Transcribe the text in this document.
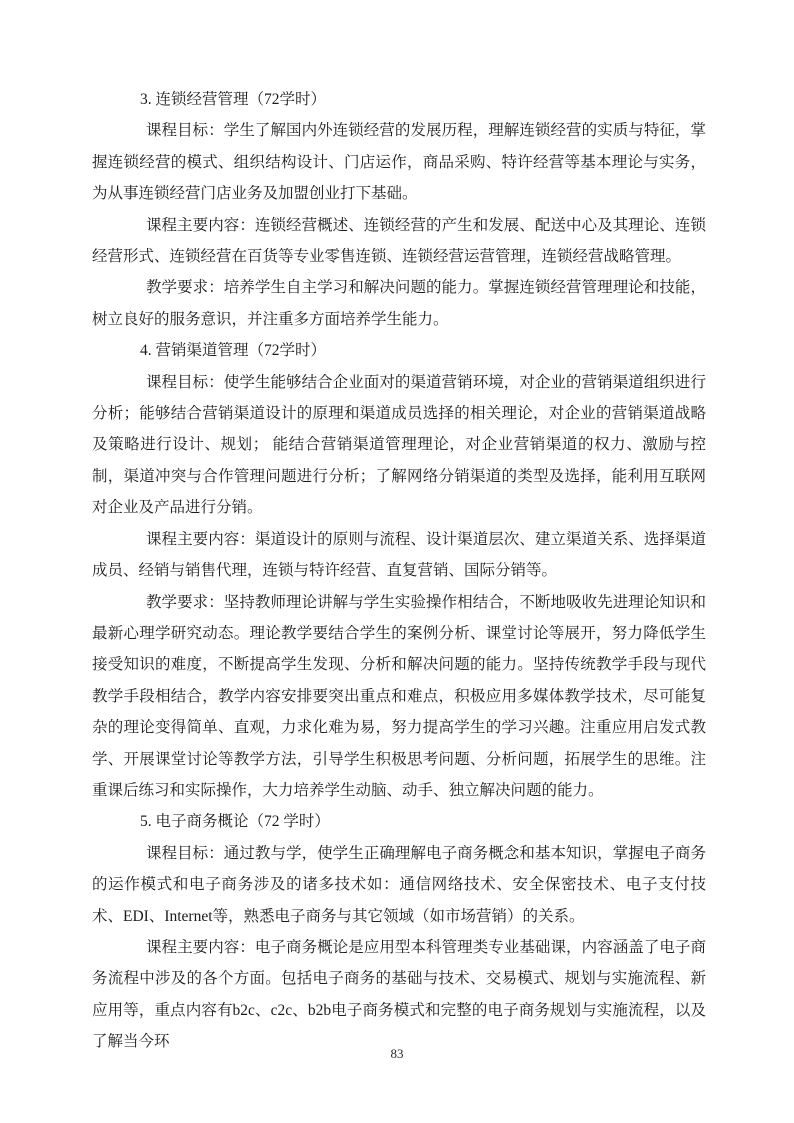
3. 连锁经营管理（72学时）

课程目标：学生了解国内外连锁经营的发展历程，理解连锁经营的实质与特征，掌握连锁经营的模式、组织结构设计、门店运作，商品采购、特许经营等基本理论与实务，为从事连锁经营门店业务及加盟创业打下基础。

课程主要内容：连锁经营概述、连锁经营的产生和发展、配送中心及其理论、连锁经营形式、连锁经营在百货等专业零售连锁、连锁经营运营管理，连锁经营战略管理。

教学要求：培养学生自主学习和解决问题的能力。掌握连锁经营管理理论和技能，树立良好的服务意识，并注重多方面培养学生能力。

4. 营销渠道管理（72学时）

课程目标：使学生能够结合企业面对的渠道营销环境，对企业的营销渠道组织进行分析；能够结合营销渠道设计的原理和渠道成员选择的相关理论，对企业的营销渠道战略及策略进行设计、规划； 能结合营销渠道管理理论，对企业营销渠道的权力、激励与控制，渠道冲突与合作管理问题进行分析；了解网络分销渠道的类型及选择，能利用互联网对企业及产品进行分销。

课程主要内容：渠道设计的原则与流程、设计渠道层次、建立渠道关系、选择渠道成员、经销与销售代理，连锁与特许经营、直复营销、国际分销等。

教学要求：坚持教师理论讲解与学生实验操作相结合，不断地吸收先进理论知识和最新心理学研究动态。理论教学要结合学生的案例分析、课堂讨论等展开，努力降低学生接受知识的难度，不断提高学生发现、分析和解决问题的能力。坚持传统教学手段与现代教学手段相结合，教学内容安排要突出重点和难点，积极应用多媒体教学技术，尽可能复杂的理论变得简单、直观，力求化难为易，努力提高学生的学习兴趣。注重应用启发式教学、开展课堂讨论等教学方法，引导学生积极思考问题、分析问题，拓展学生的思维。注重课后练习和实际操作，大力培养学生动脑、动手、独立解决问题的能力。

5. 电子商务概论（72 学时）

课程目标：通过教与学，使学生正确理解电子商务概念和基本知识，掌握电子商务的运作模式和电子商务涉及的诸多技术如：通信网络技术、安全保密技术、电子支付技术、EDI、Internet等，熟悉电子商务与其它领域（如市场营销）的关系。

课程主要内容：电子商务概论是应用型本科管理类专业基础课，内容涵盖了电子商务流程中涉及的各个方面。包括电子商务的基础与技术、交易模式、规划与实施流程、新应用等，重点内容有b2c、c2c、b2b电子商务模式和完整的电子商务规划与实施流程，以及了解当今环

83
